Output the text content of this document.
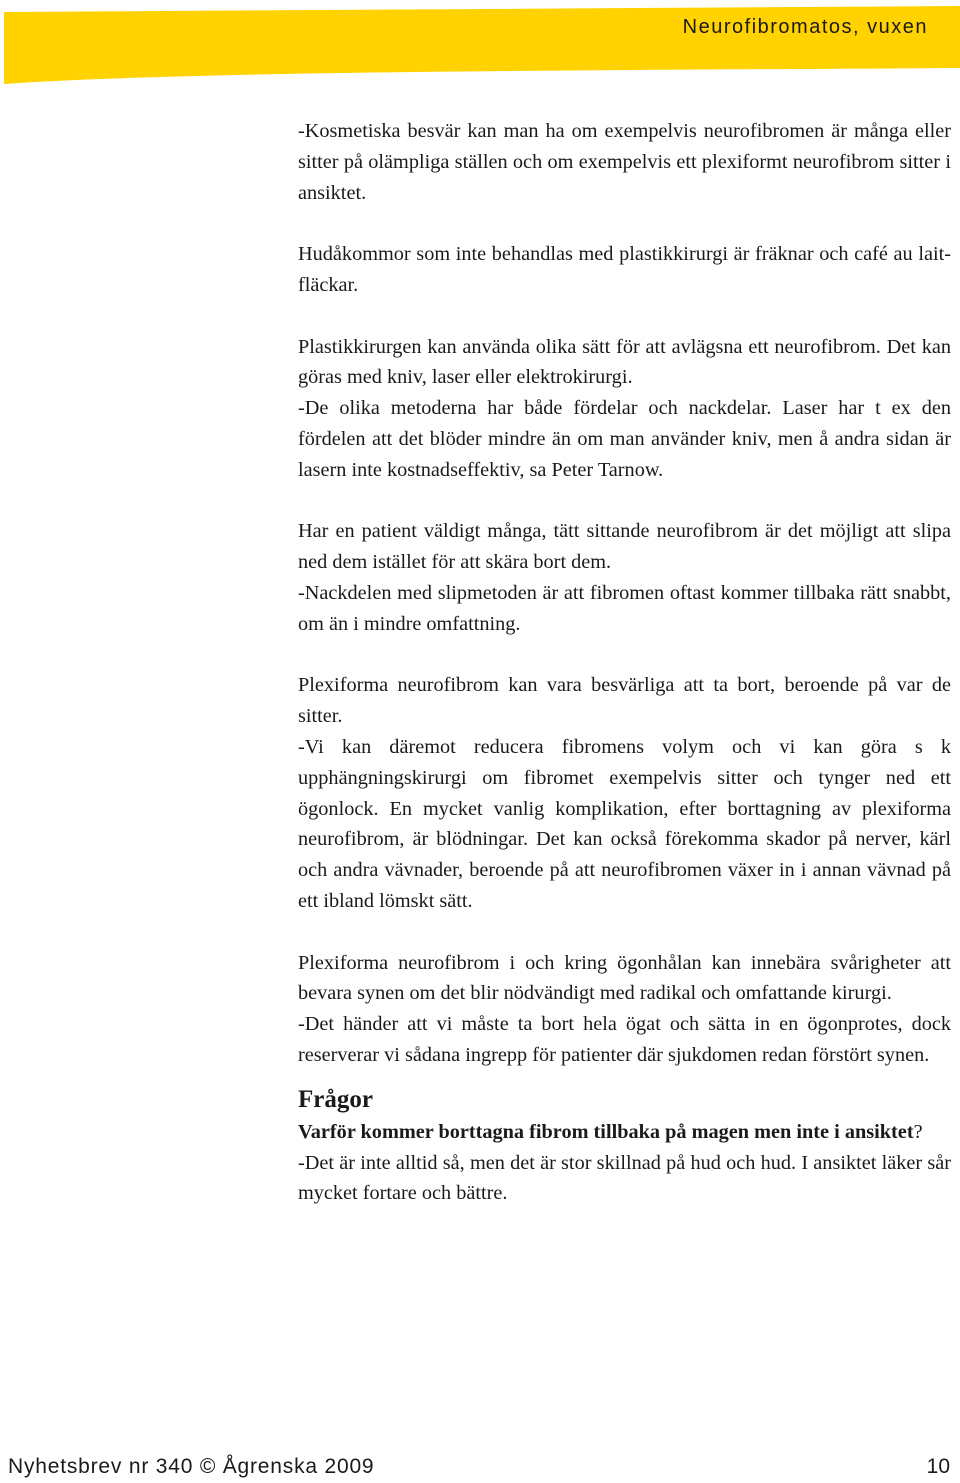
Neurofibromatos, vuxen

-Kosmetiska besvär kan man ha om exempelvis neurofibromen är många eller sitter på olämpliga ställen och om exempelvis ett plexiformt neurofibrom sitter i ansiktet.

Hudåkommor som inte behandlas med plastikkirurgi är fräknar och café au lait-fläckar.

Plastikkirurgen kan använda olika sätt för att avlägsna ett neurofibrom. Det kan göras med kniv, laser eller elektrokirurgi.

-De olika metoderna har både fördelar och nackdelar. Laser har t ex den fördelen att det blöder mindre än om man använder kniv, men å andra sidan är lasern inte kostnadseffektiv, sa Peter Tarnow.

Har en patient väldigt många, tätt sittande neurofibrom är det möjligt att slipa ned dem istället för att skära bort dem.

-Nackdelen med slipmetoden är att fibromen oftast kommer tillbaka rätt snabbt, om än i mindre omfattning.

Plexiforma neurofibrom kan vara besvärliga att ta bort, beroende på var de sitter.

-Vi kan däremot reducera fibromens volym och vi kan göra s k upphängningskirurgi om fibromet exempelvis sitter och tynger ned ett ögonlock. En mycket vanlig komplikation, efter borttagning av plexiforma neurofibrom, är blödningar. Det kan också förekomma skador på nerver, kärl och andra vävnader, beroende på att neurofibromen växer in i annan vävnad på ett ibland lömskt sätt.

Plexiforma neurofibrom i och kring ögonhålan kan innebära svårigheter att bevara synen om det blir nödvändigt med radikal och omfattande kirurgi.

-Det händer att vi måste ta bort hela ögat och sätta in en ögonprotes, dock reserverar vi sådana ingrepp för patienter där sjukdomen redan förstört synen.

Frågor

Varför kommer borttagna fibrom tillbaka på magen men inte i ansiktet?

-Det är inte alltid så, men det är stor skillnad på hud och hud. I ansiktet läker sår mycket fortare och bättre.

Nyhetsbrev nr 340 © Ågrenska 2009	10
